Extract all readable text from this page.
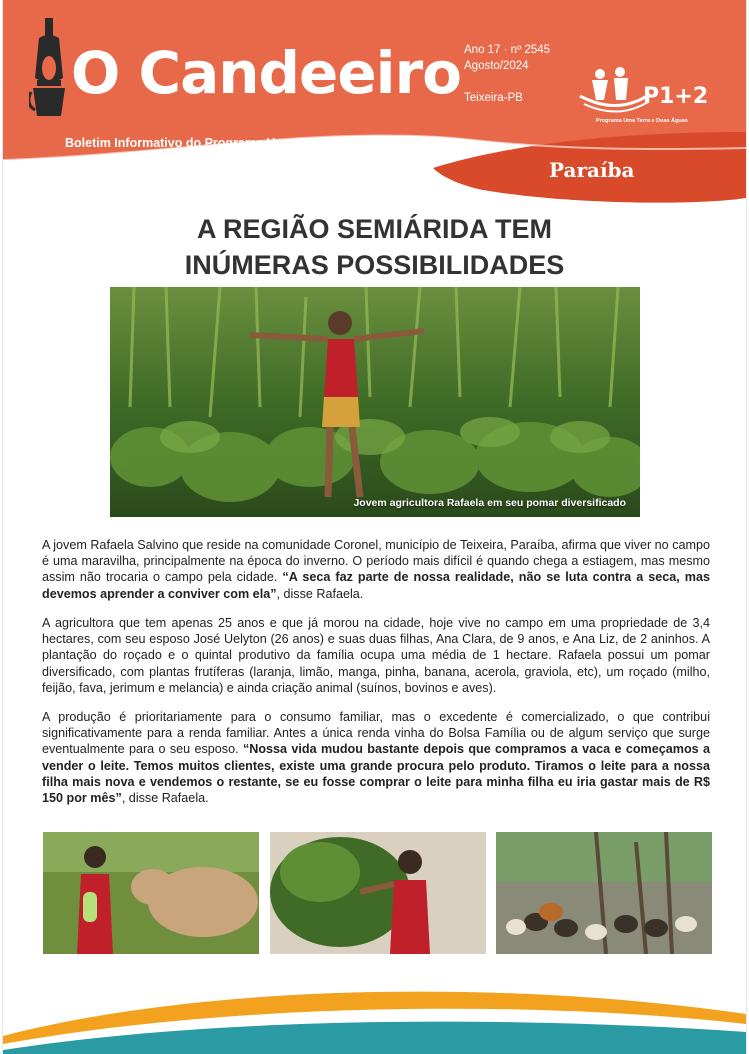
O Candeeiro
Boletim Informativo do Programa Uma Terra e Duas Águas
Ano 17 · nº 2545
Agosto/2024
Teixeira-PB	P1+2
Programa Uma Terra e Duas Águas
Paraíba
A REGIÃO SEMIÁRIDA TEM
INÚMERAS POSSIBILIDADES
Jovem agricultora Rafaela em seu pomar diversificado

A jovem Rafaela Salvino que reside na comunidade Coronel, município de Teixeira, Paraíba, afirma que viver no campo é uma maravilha, principalmente na época do inverno. O período mais difícil é quando chega a estiagem, mas mesmo assim não trocaria o campo pela cidade. “A seca faz parte de nossa realidade, não se luta contra a seca, mas devemos aprender a conviver com ela”, disse Rafaela.

A agricultora que tem apenas 25 anos e que já morou na cidade, hoje vive no campo em uma propriedade de 3,4 hectares, com seu esposo José Uelyton (26 anos) e suas duas filhas, Ana Clara, de 9 anos, e Ana Liz, de 2 aninhos. A plantação do roçado e o quintal produtivo da família ocupa uma média de 1 hectare. Rafaela possui um pomar diversificado, com plantas frutíferas (laranja, limão, manga, pinha, banana, acerola, graviola, etc), um roçado (milho, feijão, fava, jerimum e melancia) e ainda criação animal (suínos, bovinos e aves).

A produção é prioritariamente para o consumo familiar, mas o excedente é comercializado, o que contribui significativamente para a renda familiar. Antes a única renda vinha do Bolsa Família ou de algum serviço que surge eventualmente para o seu esposo. “Nossa vida mudou bastante depois que compramos a vaca e começamos a vender o leite. Temos muitos clientes, existe uma grande procura pelo produto. Tiramos o leite para a nossa filha mais nova e vendemos o restante, se eu fosse comprar o leite para minha filha eu iria gastar mais de R$ 150 por mês”, disse Rafaela.
